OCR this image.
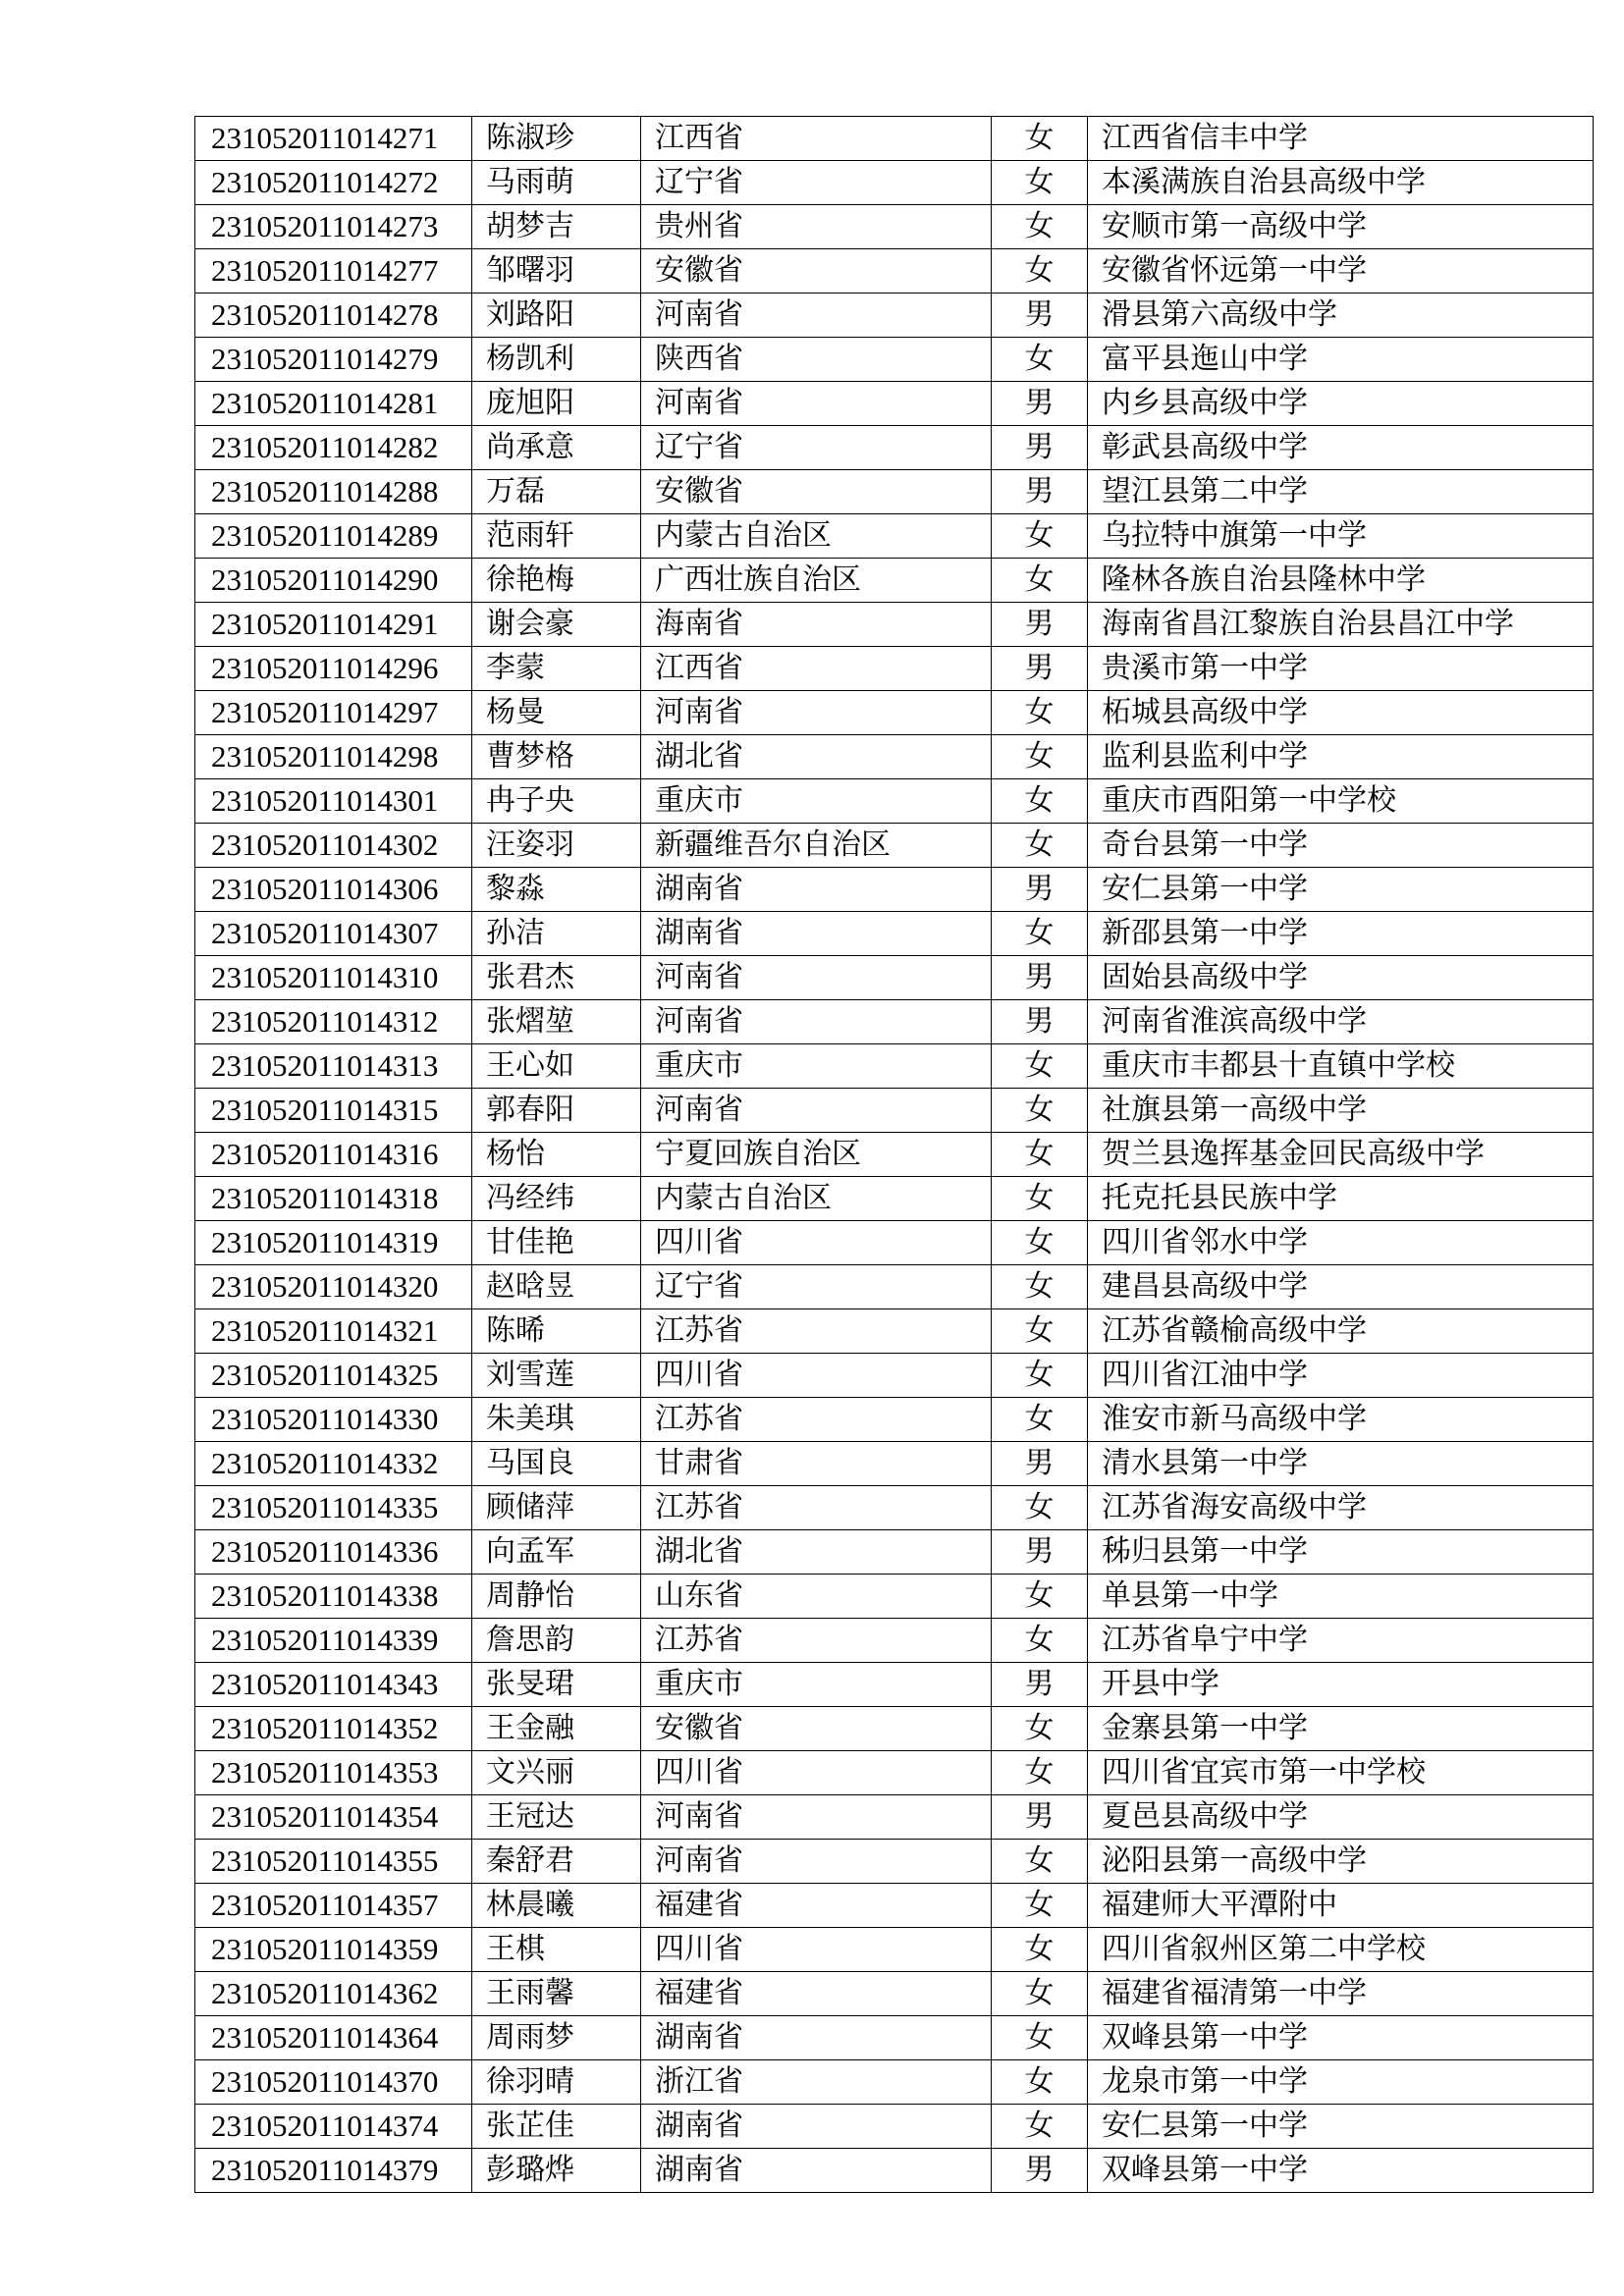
231052011014271	陈淑珍	江西省	女	江西省信丰中学
231052011014272	马雨萌	辽宁省	女	本溪满族自治县高级中学
231052011014273	胡梦吉	贵州省	女	安顺市第一高级中学
231052011014277	邹曙羽	安徽省	女	安徽省怀远第一中学
231052011014278	刘路阳	河南省	男	滑县第六高级中学
231052011014279	杨凯利	陕西省	女	富平县迤山中学
231052011014281	庞旭阳	河南省	男	内乡县高级中学
231052011014282	尚承意	辽宁省	男	彰武县高级中学
231052011014288	万磊	安徽省	男	望江县第二中学
231052011014289	范雨轩	内蒙古自治区	女	乌拉特中旗第一中学
231052011014290	徐艳梅	广西壮族自治区	女	隆林各族自治县隆林中学
231052011014291	谢会豪	海南省	男	海南省昌江黎族自治县昌江中学
231052011014296	李蒙	江西省	男	贵溪市第一中学
231052011014297	杨曼	河南省	女	柘城县高级中学
231052011014298	曹梦格	湖北省	女	监利县监利中学
231052011014301	冉子央	重庆市	女	重庆市酉阳第一中学校
231052011014302	汪姿羽	新疆维吾尔自治区	女	奇台县第一中学
231052011014306	黎淼	湖南省	男	安仁县第一中学
231052011014307	孙洁	湖南省	女	新邵县第一中学
231052011014310	张君杰	河南省	男	固始县高级中学
231052011014312	张熠堃	河南省	男	河南省淮滨高级中学
231052011014313	王心如	重庆市	女	重庆市丰都县十直镇中学校
231052011014315	郭春阳	河南省	女	社旗县第一高级中学
231052011014316	杨怡	宁夏回族自治区	女	贺兰县逸挥基金回民高级中学
231052011014318	冯经纬	内蒙古自治区	女	托克托县民族中学
231052011014319	甘佳艳	四川省	女	四川省邻水中学
231052011014320	赵晗昱	辽宁省	女	建昌县高级中学
231052011014321	陈晞	江苏省	女	江苏省赣榆高级中学
231052011014325	刘雪莲	四川省	女	四川省江油中学
231052011014330	朱美琪	江苏省	女	淮安市新马高级中学
231052011014332	马国良	甘肃省	男	清水县第一中学
231052011014335	顾储萍	江苏省	女	江苏省海安高级中学
231052011014336	向孟军	湖北省	男	秭归县第一中学
231052011014338	周静怡	山东省	女	单县第一中学
231052011014339	詹思韵	江苏省	女	江苏省阜宁中学
231052011014343	张旻珺	重庆市	男	开县中学
231052011014352	王金融	安徽省	女	金寨县第一中学
231052011014353	文兴丽	四川省	女	四川省宜宾市第一中学校
231052011014354	王冠达	河南省	男	夏邑县高级中学
231052011014355	秦舒君	河南省	女	泌阳县第一高级中学
231052011014357	林晨曦	福建省	女	福建师大平潭附中
231052011014359	王棋	四川省	女	四川省叙州区第二中学校
231052011014362	王雨馨	福建省	女	福建省福清第一中学
231052011014364	周雨梦	湖南省	女	双峰县第一中学
231052011014370	徐羽晴	浙江省	女	龙泉市第一中学
231052011014374	张芷佳	湖南省	女	安仁县第一中学
231052011014379	彭璐烨	湖南省	男	双峰县第一中学
